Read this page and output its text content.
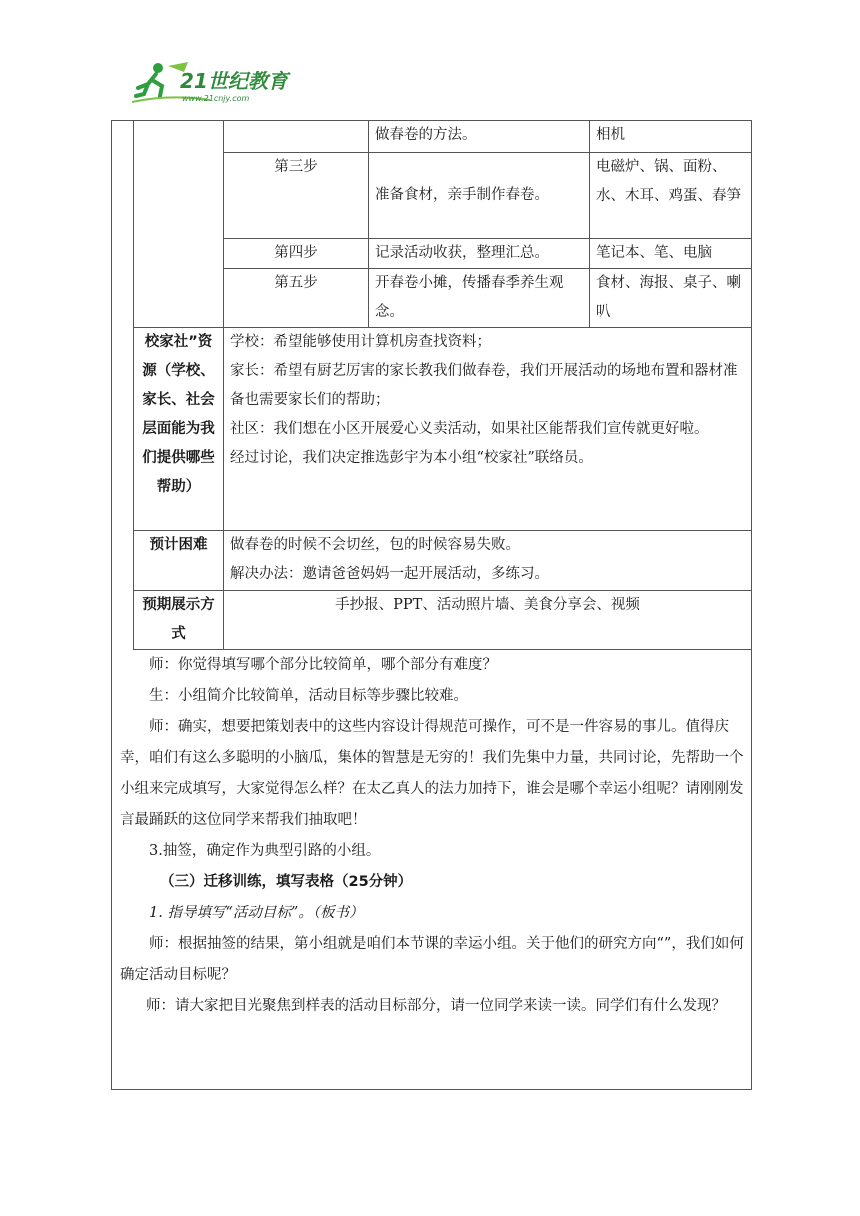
21世纪教育
www.21cnjy.com
		做春卷的方法。	相机
	第三步	准备食材，亲手制作春卷。	电磁炉、锅、面粉、水、木耳、鸡蛋、春笋
	第四步	记录活动收获，整理汇总。	笔记本、笔、电脑
	第五步	开春卷小摊，传播春季养生观念。	食材、海报、桌子、喇叭
校家社”资源（学校、家长、社会层面能为我们提供哪些帮助）	学校：希望能够使用计算机房查找资料；
家长：希望有厨艺厉害的家长教我们做春卷，我们开展活动的场地布置和器材准备也需要家长们的帮助；
社区：我们想在小区开展爱心义卖活动，如果社区能帮我们宣传就更好啦。
经过讨论，我们决定推选彭宇为本小组“校家社”联络员。		

预计困难	做春卷的时候不会切丝，包的时候容易失败。
解决办法：邀请爸爸妈妈一起开展活动，多练习。		

预期展示方式	手抄报、PPT、活动照片墙、美食分享会、视频		

师：你觉得填写哪个部分比较简单，哪个部分有难度？

生：小组简介比较简单，活动目标等步骤比较难。

师：确实，想要把策划表中的这些内容设计得规范可操作，可不是一件容易的事儿。值得庆幸，咱们有这么多聪明的小脑瓜，集体的智慧是无穷的！我们先集中力量，共同讨论，先帮助一个小组来完成填写，大家觉得怎么样？在太乙真人的法力加持下，谁会是哪个幸运小组呢？请刚刚发言最踊跃的这位同学来帮我们抽取吧！

3.抽签，确定作为典型引路的小组。

（三）迁移训练，填写表格（25分钟）

1. 指导填写“活动目标”。（板书）

师：根据抽签的结果，第小组就是咱们本节课的幸运小组。关于他们的研究方向“”，我们如何确定活动目标呢？

师：请大家把目光聚焦到样表的活动目标部分，请一位同学来读一读。同学们有什么发现？
